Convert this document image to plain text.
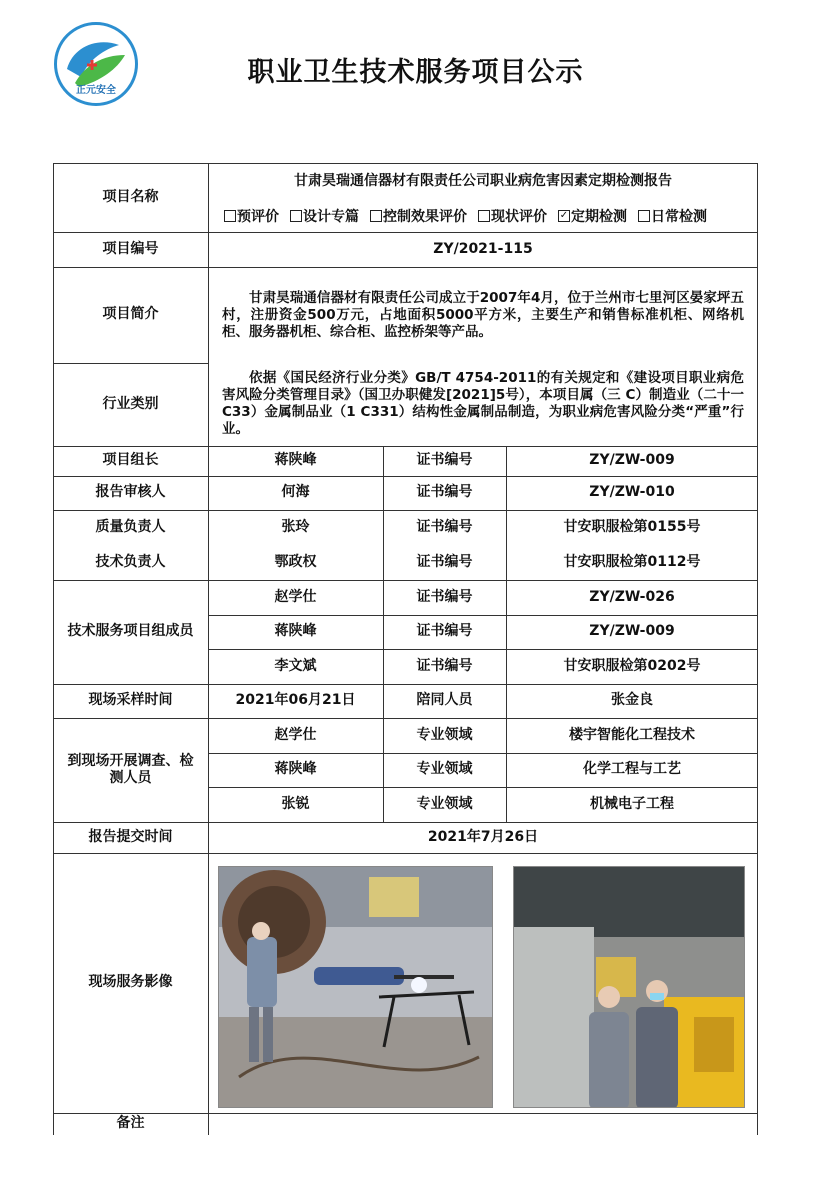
正元安全
职业卫生技术服务项目公示
项目名称
甘肃昊瑞通信器材有限责任公司职业病危害因素定期检测报告
预评价 设计专篇 控制效果评价 现状评价 ✓ 定期检测 日常检测
项目编号	ZY/2021-115
项目简介
甘肃昊瑞通信器材有限责任公司成立于2007年4月，位于兰州市七里河区晏家坪五村，注册资金500万元，占地面积5000平方米，主要生产和销售标准机柜、网络机柜、服务器机柜、综合柜、监控桥架等产品。
行业类别
依据《国民经济行业分类》GB/T 4754-2011的有关规定和《建设项目职业病危害风险分类管理目录》（国卫办职健发[2021]5号），本项目属（三 C）制造业（二十一 C33）金属制品业（1 C331）结构性金属制品制造，为职业病危害风险分类“严重”行业。
项目组长	蒋陕峰	证书编号	ZY/ZW-009
报告审核人	何海	证书编号	ZY/ZW-010
质量负责人	张玲	证书编号	甘安职服检第0155号
技术负责人	鄂政权	证书编号	甘安职服检第0112号
技术服务项目组成员
赵学仕	证书编号	ZY/ZW-026
蒋陕峰	证书编号	ZY/ZW-009
李文斌	证书编号	甘安职服检第0202号
现场采样时间	2021年06月21日	陪同人员	张金良
到现场开展调查、检测人员
赵学仕	专业领域	楼宇智能化工程技术
蒋陕峰	专业领域	化学工程与工艺
张锐	专业领域	机械电子工程
报告提交时间	2021年7月26日
现场服务影像
备注
